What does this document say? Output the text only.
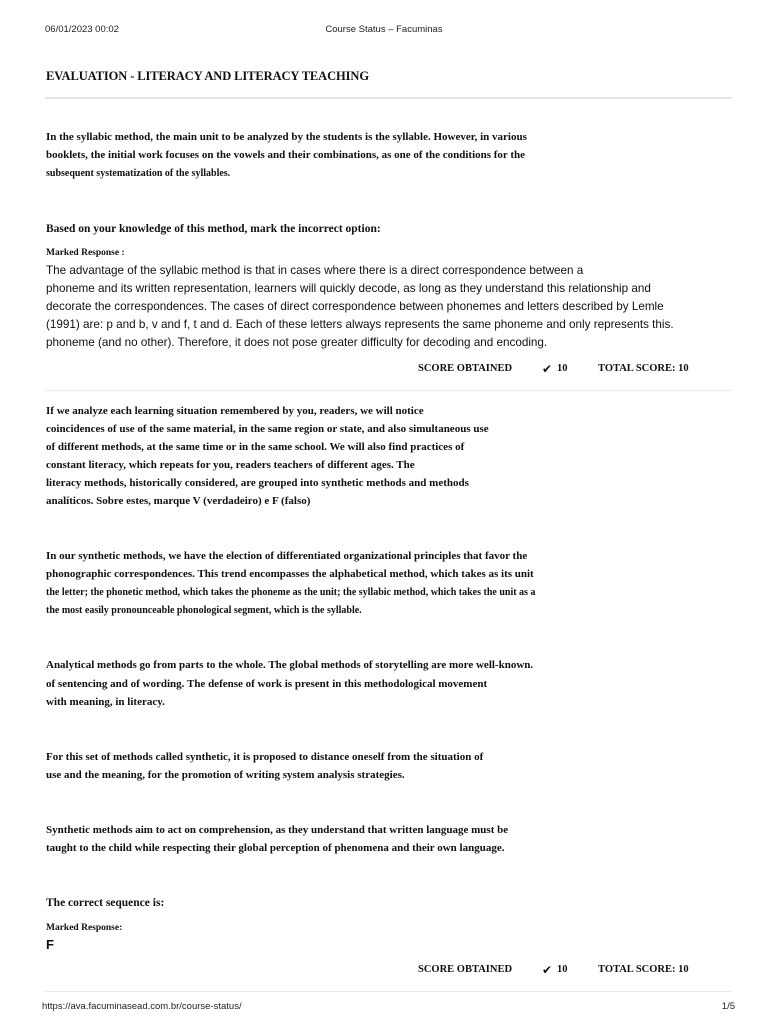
06/01/2023 00:02	Course Status – Facuminas
EVALUATION - LITERACY AND LITERACY TEACHING
In the syllabic method, the main unit to be analyzed by the students is the syllable. However, in various
booklets, the initial work focuses on the vowels and their combinations, as one of the conditions for the
subsequent systematization of the syllables.
Based on your knowledge of this method, mark the incorrect option:
Marked Response :
The advantage of the syllabic method is that in cases where there is a direct correspondence between a
phoneme and its written representation, learners will quickly decode, as long as they understand this relationship and
decorate the correspondences. The cases of direct correspondence between phonemes and letters described by Lemle
(1991) are: p and b, v and f, t and d. Each of these letters always represents the same phoneme and only represents this.
phoneme (and no other). Therefore, it does not pose greater difficulty for decoding and encoding.
SCORE OBTAINED ✔ 10	TOTAL SCORE: 10
If we analyze each learning situation remembered by you, readers, we will notice
coincidences of use of the same material, in the same region or state, and also simultaneous use
of different methods, at the same time or in the same school. We will also find practices of
constant literacy, which repeats for you, readers teachers of different ages. The
literacy methods, historically considered, are grouped into synthetic methods and methods
analíticos. Sobre estes, marque V (verdadeiro) e F (falso)
In our synthetic methods, we have the election of differentiated organizational principles that favor the
phonographic correspondences. This trend encompasses the alphabetical method, which takes as its unit
the letter; the phonetic method, which takes the phoneme as the unit; the syllabic method, which takes the unit as a
the most easily pronounceable phonological segment, which is the syllable.
Analytical methods go from parts to the whole. The global methods of storytelling are more well-known.
of sentencing and of wording. The defense of work is present in this methodological movement
with meaning, in literacy.
For this set of methods called synthetic, it is proposed to distance oneself from the situation of
use and the meaning, for the promotion of writing system analysis strategies.
Synthetic methods aim to act on comprehension, as they understand that written language must be
taught to the child while respecting their global perception of phenomena and their own language.
The correct sequence is:
Marked Response:
F
SCORE OBTAINED ✔ 10	TOTAL SCORE: 10
https://ava.facuminasead.com.br/course-status/	1/5
